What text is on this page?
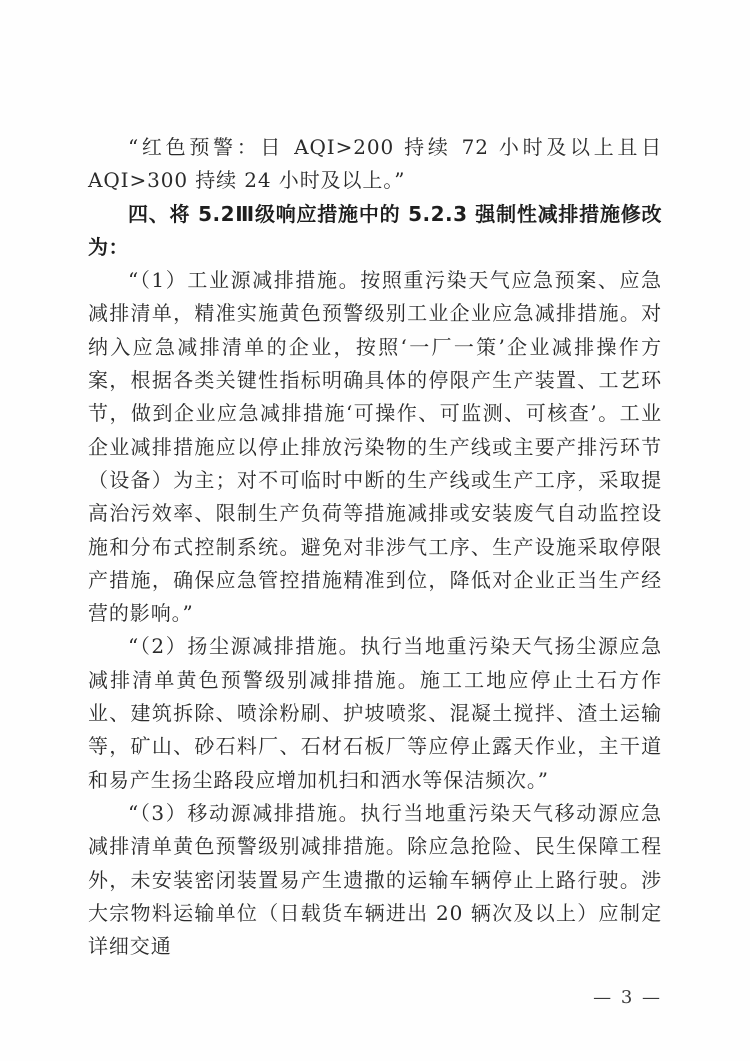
“红色预警：日 AQI>200 持续 72 小时及以上且日 AQI>300 持续 24 小时及以上。”

四、将 5.2Ⅲ级响应措施中的 5.2.3 强制性减排措施修改为：

“（1）工业源减排措施。按照重污染天气应急预案、应急减排清单，精准实施黄色预警级别工业企业应急减排措施。对纳入应急减排清单的企业，按照‘一厂一策’企业减排操作方案，根据各类关键性指标明确具体的停限产生产装置、工艺环节，做到企业应急减排措施‘可操作、可监测、可核查’。工业企业减排措施应以停止排放污染物的生产线或主要产排污环节（设备）为主；对不可临时中断的生产线或生产工序，采取提高治污效率、限制生产负荷等措施减排或安装废气自动监控设施和分布式控制系统。避免对非涉气工序、生产设施采取停限产措施，确保应急管控措施精准到位，降低对企业正当生产经营的影响。”

“（2）扬尘源减排措施。执行当地重污染天气扬尘源应急减排清单黄色预警级别减排措施。施工工地应停止土石方作业、建筑拆除、喷涂粉刷、护坡喷浆、混凝土搅拌、渣土运输等，矿山、砂石料厂、石材石板厂等应停止露天作业，主干道和易产生扬尘路段应增加机扫和洒水等保洁频次。”

“（3）移动源减排措施。执行当地重污染天气移动源应急减排清单黄色预警级别减排措施。除应急抢险、民生保障工程外，未安装密闭装置易产生遗撒的运输车辆停止上路行驶。涉大宗物料运输单位（日载货车辆进出 20 辆次及以上）应制定详细交通

— 3 —
